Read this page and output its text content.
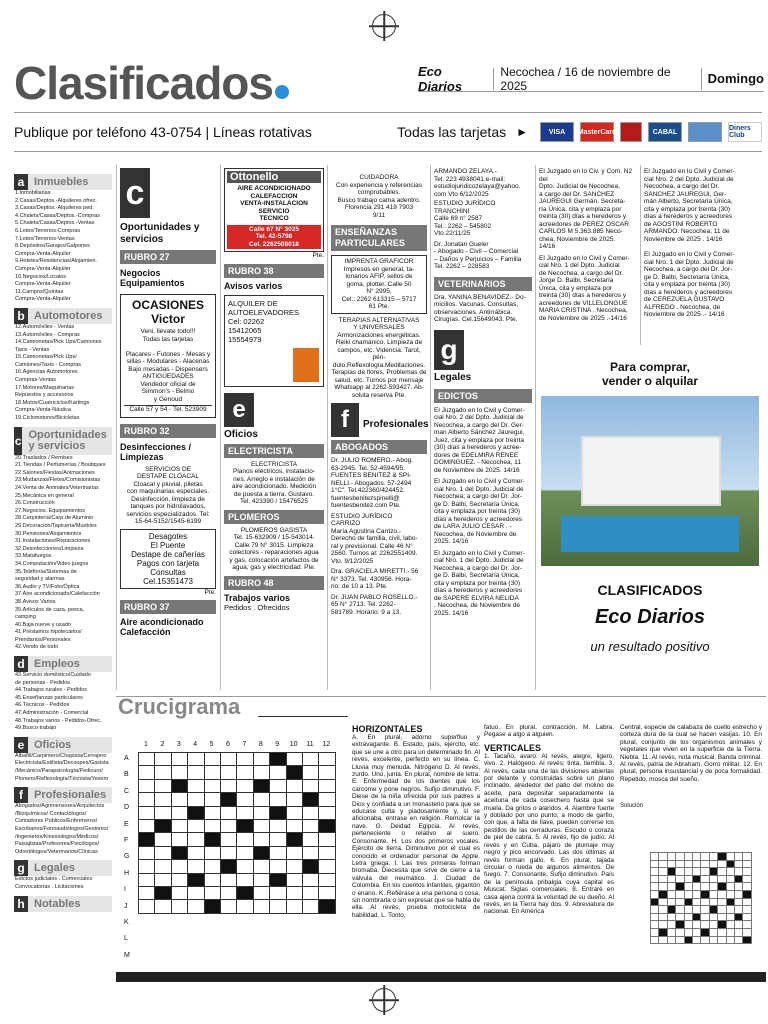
Clasificados	Eco Diarios
Necochea / 16 de noviembre de 2025	Domingo
Publique por teléfono 43-0754 | Líneas rotativas	Todas las tarjetas ►	VISA	MasterCard	CABAL	Diners Club
a Inmuebles
1.Inmobiliarias
2.Casas/Deptos.-Alquileres ofrec.
3.Casas/Deptos.-Alquileres ped.
4.Chalets/Casas/Deptos.-Compras
5.Chalets/Casas/Deptos.-Ventas
6.Lotes/Terrenos-Compras
7.Lotes/Terrenos-Ventas
8.Depósitos/Garajes/Galpones
Compra-Venta-Alquiler
9.Hoteles/Residencias/Alojamien.
Compra-Venta-Alquiler
10.Negocios/Locales
Compra-Venta-Alquiler
11.Campos/Quintas
Compra-Venta-Alquiler
b Automotores
12.Automóviles - Ventas
13.Automóviles - Compras
14.Camionetas/Pick Ups/Camiones
Taxis - Ventas
15.Camionetas/Pick Ups/
Camiones/Taxis - Compras
16.Agencias Automotores
Compras-Ventas
17.Motores/Maquinarias
Repuestos y accesorios
18.Motos/Cuatriciclos/Kartings
Compra-Venta-Náutica
19.Ciclomotores/Bicicletas
c Oportunidades y servicios
20.Traslados / Remises
21.Tiendas / Perfumerías / Boutiques
22.Salones/Fiestas/Animaciones
23.Mudanzas/Fletes/Comisionistas
24.Venta de Animales/Veterinarias
25.Mecánica en general
26.Construcción
27.Negocios. Equipamientos
28.Carpintería/Carp.de Aluminio
29.Decoración/Tapicería/Muebles
30.Pensiones/Alojamientos
31.Instalaciones/Reparaciones
32.Desinfecciones/Limpieza
33.Matafuegos
34.Computación/Video juegos
35.Telefonía/Sistemas de
seguridad y alarmas
36.Audio y TV/Foto/Óptica
37.Aire acondicionado/Calefacción
38.Avisos Varios
39.Artículos de caza, pesca,
camping
40.Baja nueve y usado
41.Préstamos hipotecarios/
Prendarios/Personales
42.Vendo de todo
d Empleos
43.Servicio doméstico/Cuidado
de personas - Pedidos
44.Trabajos rurales - Pedidos
45.Enseñanzas particulares
46.Técnicos - Pedidos
47.Administración - Comercial
48.Trabajos varios - Pedidos-Ofrec.
49.Busco trabajo
e Oficios
Albañil/Carpintero/Chapista/Cerrajero
Electricista/Estilista/Decoupes/Gasista
/Mecánico/Parapsicología/Pedicuro/
Plomero/Reflexología/Técnista/Yesero
f	Profesionales
Abogados/Agrimensores/Arquitectos
/Bioquímicos/ Contactólogos/
Contadores Públicos/Enfermeros/
Escribanos/Fonoaudiólogos/Gestores/
/Ingenieros/Kinesiologos/Médicos/
Paisajistas/Profesores/Psicólogos/
Odontólogos/Veterinarios/Clínicas
g Legales
Edictos judiciales . Comerciales
Convocatorias . Licitaciones
h Notables
c
Oportunidades y servicios
RUBRO 27
Negocios Equipamientos
OCASIONES Victor
Veni, llevate todo!!!
Todas las tarjetas

Placares - Futones - Mesas y
sillas - Modulares - Alacenas
Bajo mesadas - Dispensers
ANTIGÜEDADES
Vendedor oficial de
Simmon's - Belmo
y Genoud
Calle 57 y 54 - Tel. 523909
RUBRO 32
Desinfecciones / Limpiezas
SERVICIOS DE
DESTAPE CLOACAL
Cloacal y pluvial, piletas
con maquinarias especiales.
Desinfección, limpieza de
tanques por hidrolavados,
servicios especializados. Tel:
15-64-5152/1545-6199
Desagotes
El Puente
Destape de cañerías
Pagos con tarjeta
Consultas
Cel.15351473
Pte.
RUBRO 37
Aire acondicionado Calefacción
Ottonello
AIRE ACONDICIONADO
CALEFACCION
VENTA-INSTALACION
SERVICIO
TECNICO
Calle 67 N° 3025
Tel. 42-5798
Cel. 2262508018
Pte.
RUBRO 38
Avisos varios
ALQUILER DE
AUTOELEVADORES
Cel: 02262
15412065
15554979
e
Oficios
ELECTRICISTA
ELECTRICISTA
Planos eléctricos, instalacio-
nes. Arreglo e instalación de
aire acondicionado. Medición
de puesta a tierra. Gustavo.
Tel. 423390 / 15476525
PLOMEROS
PLOMEROS GASISTA
Tel. 15-632909 / 15-543014.
Calle 79 N° 3015. Limpieza
colectores - reparaciones agua
y gas, colocación artefactos de
agua, gas y electricidad. Pte.
RUBRO 48
Trabajos varios
Pedidos . Ofrecidos
CUIDADORA
Con experiencia y referencias
comprobables.
Busco trabajo cama adentro.
Florencia 291 419 7903
9/11
ENSEÑANZAS PARTICULARES
IMPRENTA GRAFICOR
Impresos en general, ta-
lonarios AFIP, sellos de
goma, plotter. Calle 50
N° 2995.
Cel.: 2262 613315 – 5717
61 Pte.
TERAPIAS ALTERNATIVAS
Y UNIVERSALES
Armonizaciones energéticas.
Reiki chamánico. Limpieza de
campos, etc. Videncia. Tarot, pén-
dulo.Reflexología.Meditaciones.
Terapias de flores. Problemas de
salud, etc. Turnos por mensaje
Whatsapp al 2262-593427. Ab-
soluta reserva Pte.
f	Profesionales
ABOGADOS
Dr. JULIO ROMERO.- Abog.
63-2945. Tel. 52-4594/95.
FUENTES BENITEZ & SPI-
NELLI.- Abogados. 57-2494
1°C". Tel.422360/424452.
fuentesbenitezspinelli@
fuentesbenitez.com Pte.
ESTUDIO JURÍDICO
CARRIZO
María Agustina Carrizo.-
Derecho de familia, civil, labo-
ral y previsional. Calle 46 N°
2560. Turnos al: 2262551409.
Vto. 9/12/2025
Dra. GRACIELA MIRETTI.- 56
N° 3373. Tel. 430956. Hora-
rio: de 10 a 13. Pte.
Dr. JUAN PABLO ROSELLO.-
65 N° 2713. Tel. 2262-
581789. Horario: 9 a 13.
ARMANDO ZELAYA.-
Tel. 223 4938041.e-mail:
estudiojuridicozelaya@yahoo.
com Vto 6/12/2025
ESTUDIO JURÍDICO
TRANCHINI
Calle 69 n° 2587
Tel.: 2262 – 545802
Vto.22/11/25
Dr. Jonatan Gueler
- Abogado - Civil – Comercial
– Daños y Perjuicios – Familia
Tel. 2262 – 228583
VETERINARIOS
Dra. YANINA BENAVIDEZ.- Do-
micilios. Vacunas. Consultas,
observaciones. Antirrábica.
Cirugías. Cel.15649043. Pte.
g
Legales
EDICTOS
El Juzgado en lo Civil y Comer-
cial Nro. 2 del Dpto. Judicial de
Necochea, a cargo del Dr. Ger-
man Alberto Sánchez Jauregui,
Juez, cita y emplaza por treinta
(30) días a herederos y acree-
dores de EDELMIRA RENEE
DOMINGUEZ. - Necochea, 11
de Noviembre de 2025. 14/16
El Juzgado en lo Civil y Comer-
cial Nro. 1 del Dpto. Judicial de
Necochea, a cargo del Dr. Jor-
ge D. Balbi, Secretaría Única,
cita y emplaza por treinta (30)
días a herederos y acreedores
de LARA JULIO CESAR . -
Necochea, de Noviembre de
2025. 14/16
El Juzgado en lo Civil y Comer-
cial Nro. 1 del Dpto. Judicial de
Necochea, a cargo del Dr. Jor-
ge D. Balbi, Secretaría Única,
cita y emplaza por treinta (30)
días a herederos y acreedores
de SAPERE ELVIRA NELIDA
. Necochea, de Noviembre de
2025. 14/16
El Juzgado en lo Civ. y Com. N2 del
Dpto. Judicial de Necochea,
a cargo del Dr. SANCHEZ
JAUREGUI Germán, Secreta-
ría Única, cita y emplaza por
treinta (30) días a herederos y
acreedores de PEREZ OSCAR
CARLOS M 5.363.885 Neco-
chea, Noviembre de 2025.
14/16
El Juzgado en lo Civil y Comer-
cial Nro. 1 del Dpto. Judicial
de Necochea, a cargo del Dr.
Jorge D. Balbi, Secretaría
Única, cita y emplaza por
treinta (30) días a herederos y
acreedores de VILLELONGUE
MARIA CRISTINA . Necochea,
de Noviembre de 2025 .-14/16
El Juzgado en lo Civil y Comer-
cial Nro. 2 del Dpto. Judicial de
Necochea, a cargo del Dr.
SANCHEZ JAUREGUI, Ger-
mán Alberto, Secretaría Única,
cita y emplaza por treinta (30)
días a herederos y acreedores
de AGOSTINI ROBERTO
ARMANDO. Necochea, 11 de
Noviembre de 2025 . 14/16
El Juzgado en lo Civil y Comer-
cial Nro. 1 del Dpto. Judicial de
Necochea, a cargo del Dr. Jor-
ge D. Balbi, Secretaría Única,
cita y emplaza por treinta (30)
días a herederos y acreedores
de CEREZUELA GUSTAVO
ALFREDO . Necochea, de
Noviembre de 2025 .- 14/16
Para comprar,
vender o alquilar
CLASIFICADOS
Eco Diarios
un resultado positivo
Crucigrama
1	2	3	4	5	6	7	8	9	10	11	12
A
B
C
D
E
F
G
H
I
J
K
L
M
HORIZONTALES
A. En plural, adorno superfluo y extravagante. B. Estado, país, ejército, etc. que se une a otro para un determinado fin. Al revés, excelente, perfecto en su línea. C. Lluvia muy menuda. Nitrógeno D. Al revés, zurdo. Uno, junta. En plural, nombre de letra. E. Enfermedad de los dientes que los carcome y pone negros. Sufijo diminutivo. F. Diese de la niña ofrecida por sus padres a Dios y confiada a un monasterio para que se educase culta y piadosamente y, si se aficionaba, entrase en religión. Remolcar la nave. G. Deidad Egipcia. Al revés, perteneciente o relativo al suero. Consonante. H. Los dos primeros vocales. Ejército de tierra. Diminutivo por el cual es conocido el ordenador personal de Apple. Letra griega. I. Las tres primeras forman bromaba. Diecesita que sirve de cierre a la válvula del neumático. J. Ciudad de Colombia. En los cuentos infantiles, gigantón o enano. K. Refiérase a una persona o cosa, sin nombrarla o sin expresar que se habla de ella. Al revés, prueba motocicleta de habilidad. L. Tonto,
fatuo. En plural, contracción. M. Labra. Pegase a algo a alguien.
VERTICALES
1. Tacaño, avaro. Al revés, alegre, ligero, vivo. 2. Halógeno. Al revés; tinta, tiembla. 3. Al revés, cada una de las divisiones abiertas por delante y construidas sobre un plano inclinado, alrededor del patio del molino de aceite, para depositar separadamente la aceituna de cada cosechero hasta que se muela. Da gritos o alaridos. 4. Alambre fuerte y doblado por uno punto, a modo de garfio, con que, a falta de llave, pueden correrse los pestillos de las cerraduras. Escudo o coraza de piel de cabra. 5. Al revés, fijo de judío. Al revés y en Cuba, pájaro de plumaje muy negro y pico encorvado. Las dos últimas al revés forman gallo. 6. En plural, tajada circular o rueda de algunos alimentos. De fuego. 7. Consonante. Sufijo diminutivo. País de la península pribalgia cuya capital es Muscat. Siglas comerciales. 8. Entraré en casa ajena contra la voluntad de su dueño. Al revés, en la Tierra hay dos. 9. Abreviatura de nacional. En América
Central, especie de calabaza de cuello estrecho y corteza dura de la cual se hacen vasijas. 10. En plural, conjunto de los organismos animales y vegetales que viven en la superficie de la Tierra. Niebla. 11. Al revés, nota musical. Banda criminal. Al revés, patria de Abraham. Gorro militar. 12. En plural, persona insustancial y de poca formalidad. Repetido, mosca del sueño.
Solución
